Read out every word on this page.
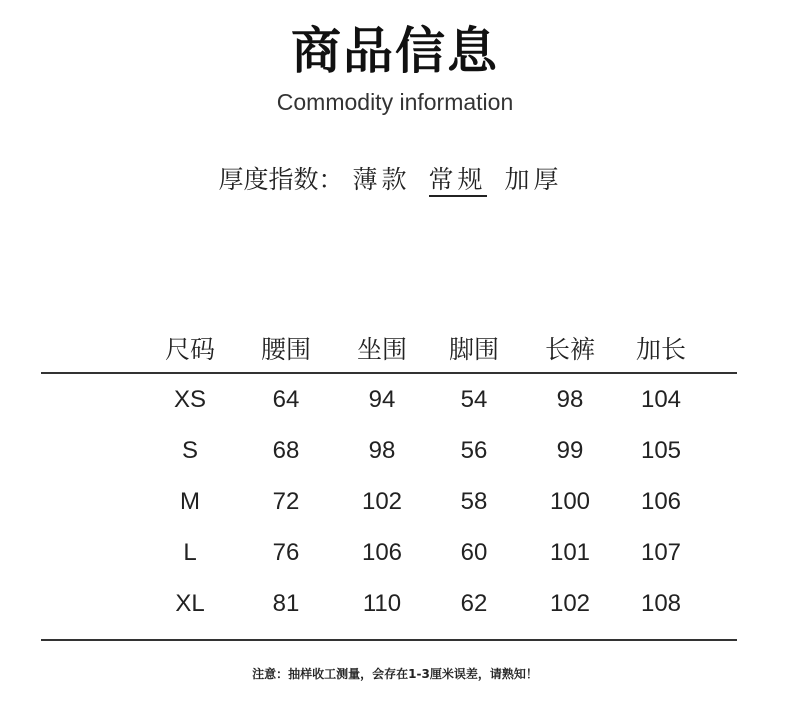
商品信息
Commodity information
厚度指数： 薄款 常规 加厚
尺码 腰围	坐围	脚围	长裤	加长
XS	64	94	54	98	104
S	68	98	56	99	105
M	72	102	58	100	106
L	76	106	60	101	107
XL	81	110	62	102	108
注意：抽样收工测量，会存在1-3厘米误差，请熟知！
